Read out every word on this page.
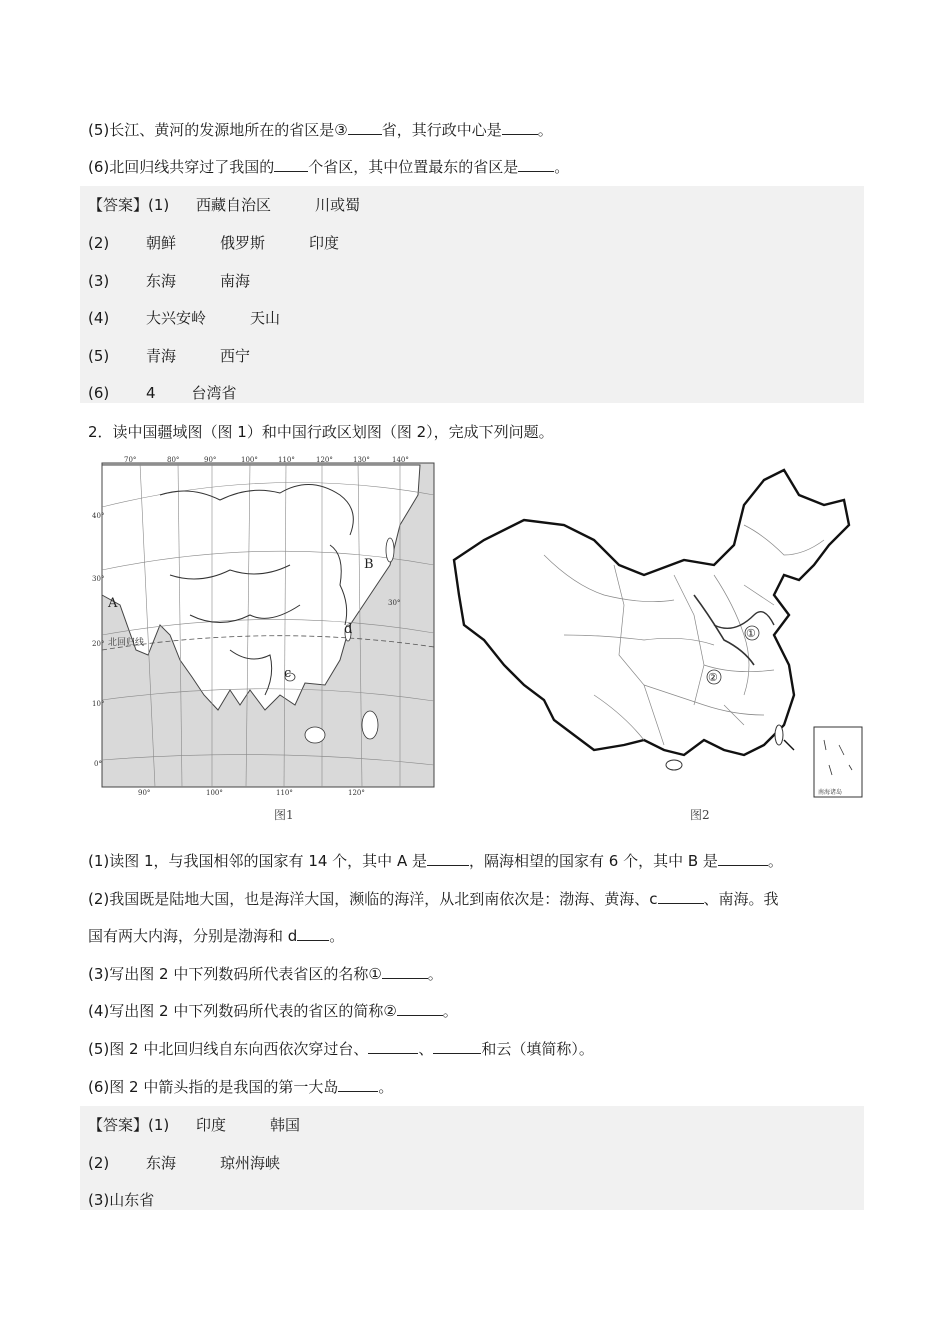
(5)长江、黄河的发源地所在的省区是③ 省，其行政中心是 。
(6)北回归线共穿过了我国的 个省区，其中位置最东的省区是 。
【答案】(1) 西藏自治区	川或蜀
(2) 朝鲜	俄罗斯	印度
(3) 东海	南海
(4) 大兴安岭	天山
(5) 青海	西宁
(6) 4 台湾省
2．读中国疆域图（图 1）和中国行政区划图（图 2），完成下列问题。
A
B
c
d
北回归线
30°
70°	80°	90°	100°	110°	120°	130°	140°
90°	100°	110°	120°
40°
30°
20°
10°
0°
图1
①
②
南海诸岛
图2
(1)读图 1，与我国相邻的国家有 14 个，其中 A 是	，隔海相望的国家有 6 个，其中 B 是	。
(2)我国既是陆地大国，也是海洋大国，濒临的海洋，从北到南依次是：渤海、黄海、c	、南海。我
国有两大内海，分别是渤海和 d 。
(3)写出图 2 中下列数码所代表省区的名称①	。
(4)写出图 2 中下列数码所代表的省区的简称②	。
(5)图 2 中北回归线自东向西依次穿过台、	、	和云（填简称）。
(6)图 2 中箭头指的是我国的第一大岛	。
【答案】(1) 印度	韩国
(2) 东海	琼州海峡
(3)山东省
